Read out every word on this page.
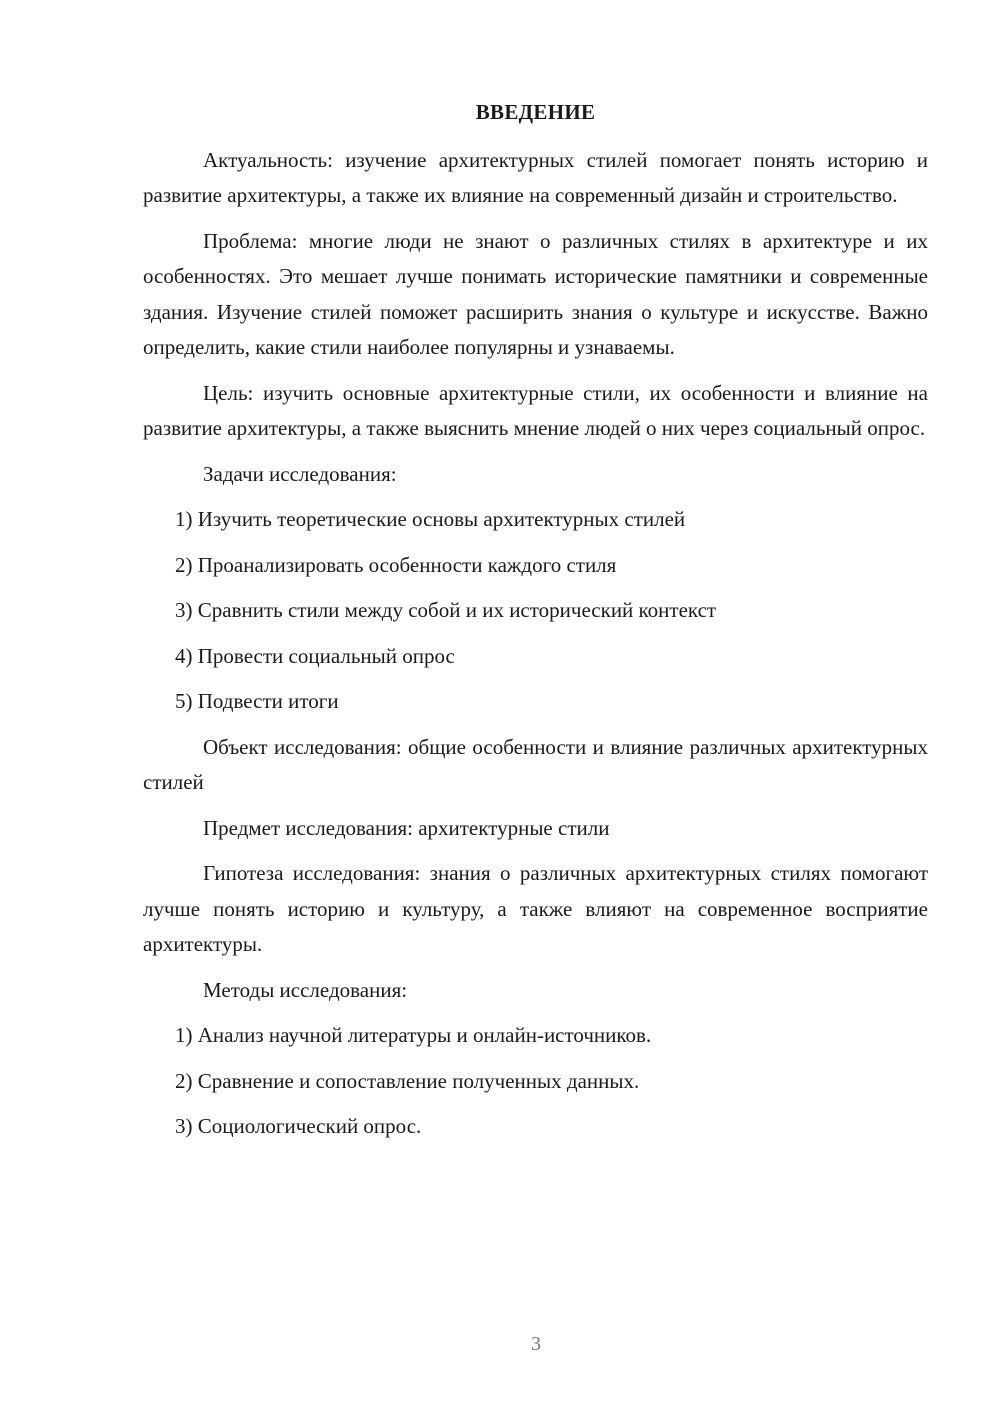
ВВЕДЕНИЕ

Актуальность: изучение архитектурных стилей помогает понять историю и развитие архитектуры, а также их влияние на современный дизайн и строительство.

Проблема: многие люди не знают о различных стилях в архитектуре и их особенностях. Это мешает лучше понимать исторические памятники и современные здания. Изучение стилей поможет расширить знания о культуре и искусстве. Важно определить, какие стили наиболее популярны и узнаваемы.

Цель: изучить основные архитектурные стили, их особенности и влияние на развитие архитектуры, а также выяснить мнение людей о них через социальный опрос.

Задачи исследования:

1) Изучить теоретические основы архитектурных стилей

2) Проанализировать особенности каждого стиля

3) Сравнить стили между собой и их исторический контекст

4) Провести социальный опрос

5) Подвести итоги

Объект исследования: общие особенности и влияние различных архитектурных стилей

Предмет исследования: архитектурные стили

Гипотеза исследования: знания о различных архитектурных стилях помогают лучше понять историю и культуру, а также влияют на современное восприятие архитектуры.

Методы исследования:

1) Анализ научной литературы и онлайн-источников.

2) Сравнение и сопоставление полученных данных.

3) Социологический опрос.

3
